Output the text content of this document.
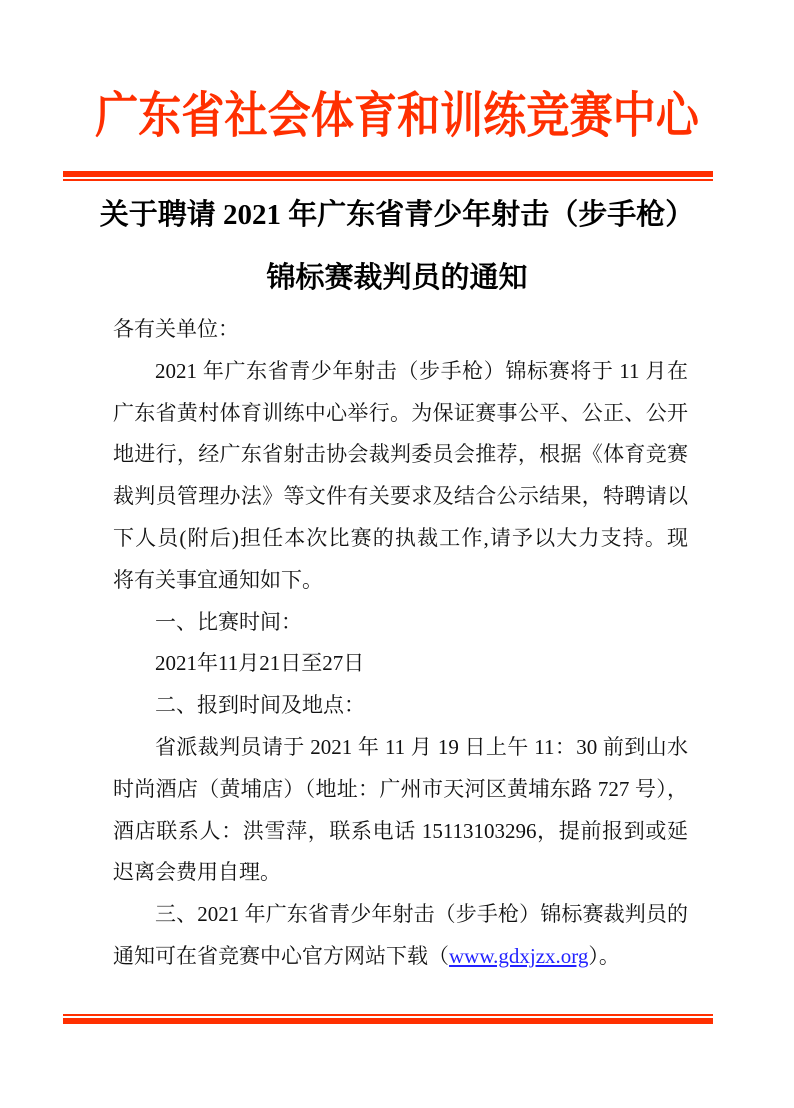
广东省社会体育和训练竞赛中心
关于聘请 2021 年广东省青少年射击（步手枪）
锦标赛裁判员的通知
各有关单位：
2021 年广东省青少年射击（步手枪）锦标赛将于 11 月在
广东省黄村体育训练中心举行。为保证赛事公平、公正、公开
地进行，经广东省射击协会裁判委员会推荐，根据《体育竞赛
裁判员管理办法》等文件有关要求及结合公示结果，特聘请以
下人员(附后)担任本次比赛的执裁工作,请予以大力支持。现
将有关事宜通知如下。
一、比赛时间：
2021年11月21日至27日
二、报到时间及地点：
省派裁判员请于 2021 年 11 月 19 日上午 11：30 前到山水
时尚酒店（黄埔店）（地址：广州市天河区黄埔东路 727 号），
酒店联系人：洪雪萍，联系电话 15113103296，提前报到或延
迟离会费用自理。
三、2021 年广东省青少年射击（步手枪）锦标赛裁判员的
通知可在省竞赛中心官方网站下载（www.gdxjzx.org）。
